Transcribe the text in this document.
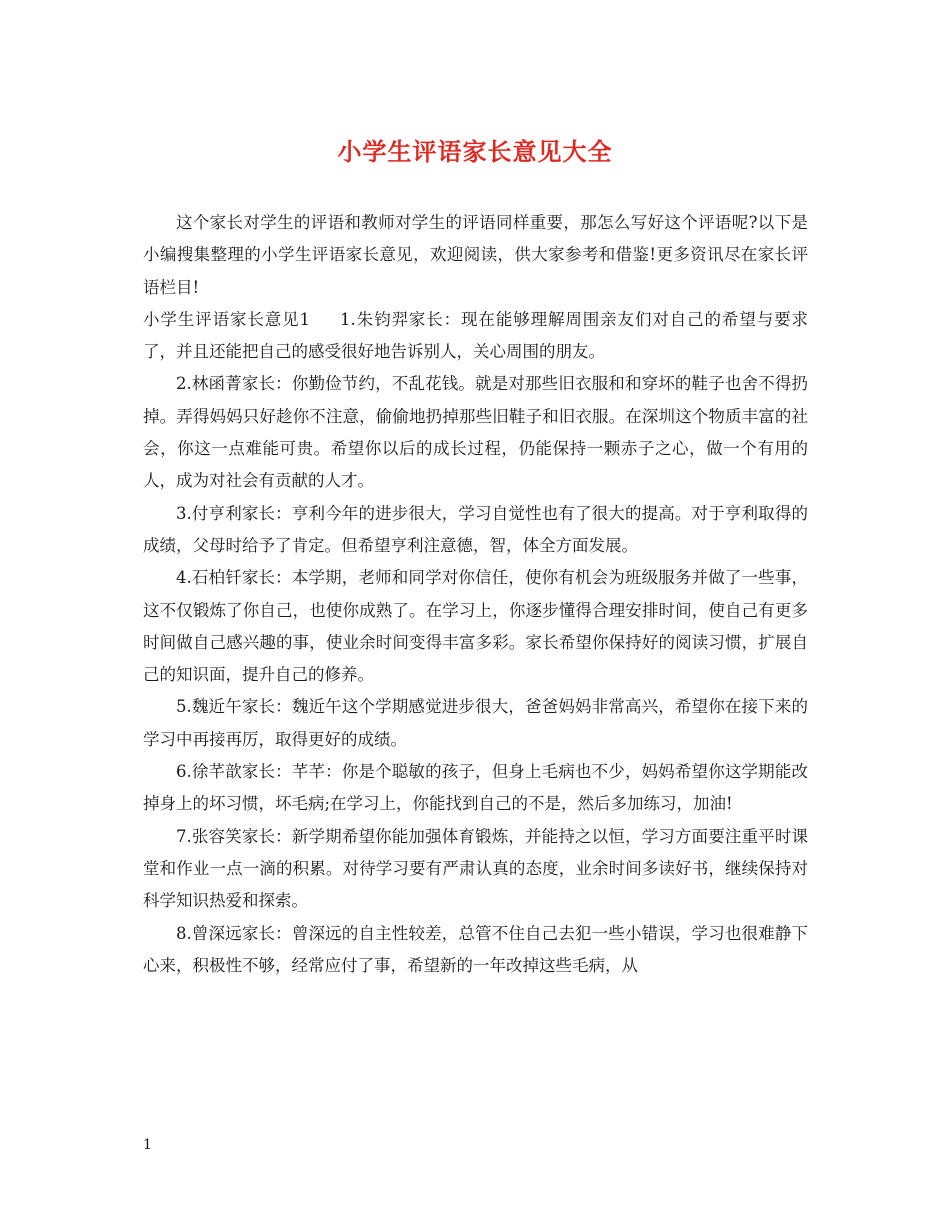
小学生评语家长意见大全

这个家长对学生的评语和教师对学生的评语同样重要，那怎么写好这个评语呢?以下是小编搜集整理的小学生评语家长意见，欢迎阅读，供大家参考和借鉴!更多资讯尽在家长评语栏目!

小学生评语家长意见1 1.朱钧羿家长：现在能够理解周围亲友们对自己的希望与要求了，并且还能把自己的感受很好地告诉别人，关心周围的朋友。

2.林函菁家长：你勤俭节约，不乱花钱。就是对那些旧衣服和和穿坏的鞋子也舍不得扔掉。弄得妈妈只好趁你不注意，偷偷地扔掉那些旧鞋子和旧衣服。在深圳这个物质丰富的社会，你这一点难能可贵。希望你以后的成长过程，仍能保持一颗赤子之心，做一个有用的人，成为对社会有贡献的人才。

3.付亨利家长：亨利今年的进步很大，学习自觉性也有了很大的提高。对于亨利取得的成绩，父母时给予了肯定。但希望亨利注意德，智，体全方面发展。

4.石柏钎家长：本学期，老师和同学对你信任，使你有机会为班级服务并做了一些事，这不仅锻炼了你自己，也使你成熟了。在学习上，你逐步懂得合理安排时间，使自己有更多时间做自己感兴趣的事，使业余时间变得丰富多彩。家长希望你保持好的阅读习惯，扩展自己的知识面，提升自己的修养。

5.魏近午家长：魏近午这个学期感觉进步很大，爸爸妈妈非常高兴，希望你在接下来的学习中再接再厉，取得更好的成绩。

6.徐芊歆家长：芊芊：你是个聪敏的孩子，但身上毛病也不少，妈妈希望你这学期能改掉身上的坏习惯，坏毛病;在学习上，你能找到自己的不是，然后多加练习，加油!

7.张容笑家长：新学期希望你能加强体育锻炼，并能持之以恒，学习方面要注重平时课堂和作业一点一滴的积累。对待学习要有严肃认真的态度，业余时间多读好书，继续保持对科学知识热爱和探索。

8.曾深远家长：曾深远的自主性较差，总管不住自己去犯一些小错误，学习也很难静下心来，积极性不够，经常应付了事，希望新的一年改掉这些毛病，从

1
